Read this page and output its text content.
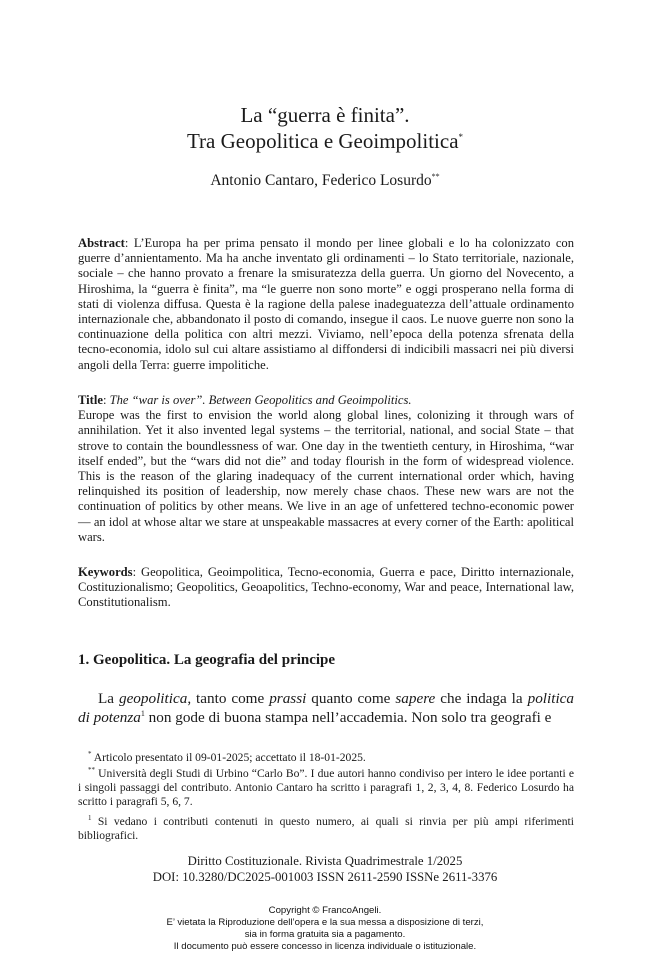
La “guerra è finita”.
Tra Geopolitica e Geoimpolitica*
Antonio Cantaro, Federico Losurdo**
Abstract: L’Europa ha per prima pensato il mondo per linee globali e lo ha colonizzato con guerre d’annientamento. Ma ha anche inventato gli ordinamenti – lo Stato territoriale, nazionale, sociale – che hanno provato a frenare la smisuratezza della guerra. Un giorno del Novecento, a Hiroshima, la “guerra è finita”, ma “le guerre non sono morte” e oggi prosperano nella forma di stati di violenza diffusa. Questa è la ragione della palese inadeguatezza dell’attuale ordinamento internazionale che, abbandonato il posto di comando, insegue il caos. Le nuove guerre non sono la continuazione della politica con altri mezzi. Viviamo, nell’epoca della potenza sfrenata della tecno-economia, idolo sul cui altare assistiamo al diffondersi di indicibili massacri nei più diversi angoli della Terra: guerre impolitiche.
Title: The “war is over”. Between Geopolitics and Geoimpolitics.
Europe was the first to envision the world along global lines, colonizing it through wars of annihilation. Yet it also invented legal systems – the territorial, national, and social State – that strove to contain the boundlessness of war. One day in the twentieth century, in Hiroshima, “war itself ended”, but the “wars did not die” and today flourish in the form of widespread violence. This is the reason of the glaring inadequacy of the current international order which, having relinquished its position of leadership, now merely chase chaos. These new wars are not the continuation of politics by other means. We live in an age of unfettered techno-economic power — an idol at whose altar we stare at unspeakable massacres at every corner of the Earth: apolitical wars.
Keywords: Geopolitica, Geoimpolitica, Tecno-economia, Guerra e pace, Diritto internazionale, Costituzionalismo; Geopolitics, Geoapolitics, Techno-economy, War and peace, International law, Constitutionalism.
1. Geopolitica. La geografia del principe
La geopolitica, tanto come prassi quanto come sapere che indaga la politica di potenza$^1$ non gode di buona stampa nell’accademia. Non solo tra geografi e
* Articolo presentato il 09-01-2025; accettato il 18-01-2025.
** Università degli Studi di Urbino “Carlo Bo”. I due autori hanno condiviso per intero le idee portanti e i singoli passaggi del contributo. Antonio Cantaro ha scritto i paragrafi 1, 2, 3, 4, 8. Federico Losurdo ha scritto i paragrafi 5, 6, 7.
$^1$ Si vedano i contributi contenuti in questo numero, ai quali si rinvia per più ampi riferimenti bibliografici.
Diritto Costituzionale. Rivista Quadrimestrale 1/2025
DOI: 10.3280/DC2025-001003 ISSN 2611-2590 ISSNe 2611-3376
Copyright © FrancoAngeli.
E’ vietata la Riproduzione dell’opera e la sua messa a disposizione di terzi,
sia in forma gratuita sia a pagamento.
Il documento può essere concesso in licenza individuale o istituzionale.
